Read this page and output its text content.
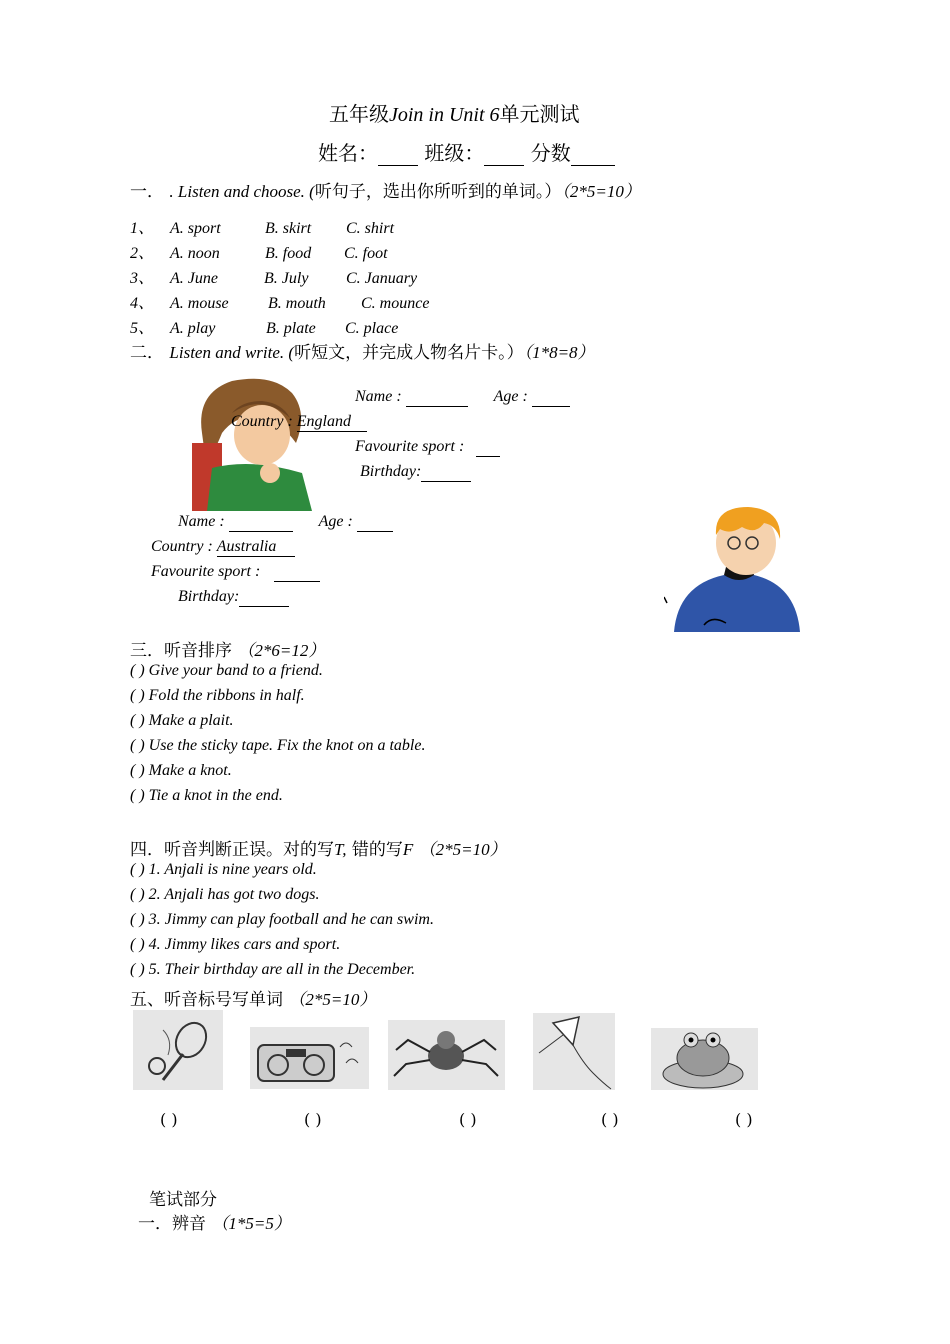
五年级Join in Unit 6单元测试
姓名： 班级： 分数
一． . Listen and choose. (听句子，选出你所听到的单词。）（2*5=10）
1、 A. sport	B. skirt C. shirt
2、 A. noon	B. food C. foot
3、 A. June	B. July C. January
4、 A. mouse B. mouth C. mounce
5、 A. play	B. plate C. place
二． Listen and write. (听短文，并完成人物名片卡。）（1*8=8）
Name :	Age :
Country : England
Favourite sport :
Birthday:
Name :	Age :
Country : Australia
Favourite sport :
Birthday:
三．听音排序 （2*6=12）
( ) Give your band to a friend.
( ) Fold the ribbons in half.
( ) Make a plait.
( ) Use the sticky tape. Fix the knot on a table.
( ) Make a knot.
( ) Tie a knot in the end.
四．听音判断正误。对的写T, 错的写F （2*5=10）
( ) 1. Anjali is nine years old.
( ) 2. Anjali has got two dogs.
( ) 3. Jimmy can play football and he can swim.
( ) 4. Jimmy likes cars and sport.
( ) 5. Their birthday are all in the December.
五、听音标号写单词 （2*5=10）
( )	( )	( )	( )	( )
笔试部分
一．辨音 （1*5=5）
